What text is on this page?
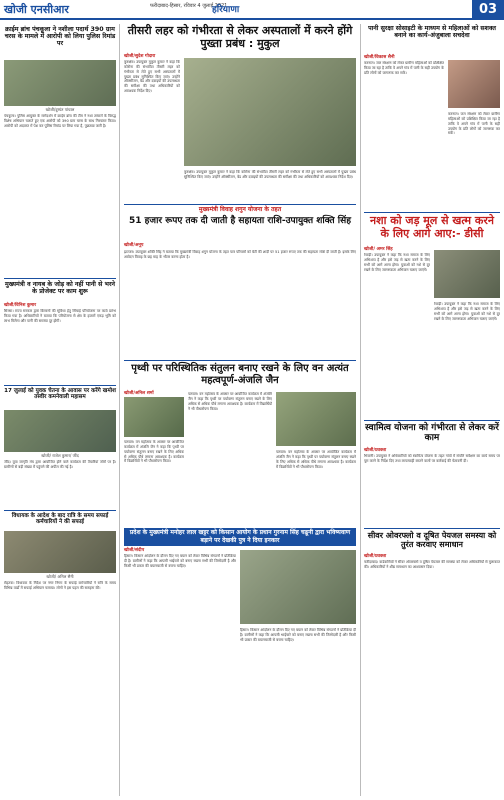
खोजी एनसीआर	फरीदाबाद-हिसार, रविवार 4 जुलाई 2021
हरियाणा	03
क्राईम ब्रांच पंचकूला ने नशीला पदार्थ 390 ग्राम चरस के मामले में आरोपी को लिया पुलिस रिमांड पर
खोजी/दुष्यंत पांचाल
पंचकूला। पुलिस आयुक्त के मार्गदर्शन में क्राईम ब्रांच की टीम ने नशा तस्करों के विरुद्ध विशेष अभियान चलाते हुए एक आरोपी को 390 ग्राम चरस के साथ गिरफ्तार किया। आरोपी को अदालत में पेश कर पुलिस रिमांड पर लिया गया है, पूछताछ जारी है।
मुख्यमंत्री व नायब के जोड़ को नहीं पानी से भरने के प्रोजेक्ट पर काम शुरू
खोजी/विनिश कुमार
सिरसा। राज्य सरकार द्वारा किसानों की सुविधा हेतु सिंचाई परियोजना पर कार्य प्रारंभ किया गया है। अधिकारियों ने बताया कि परियोजना से क्षेत्र के हजारों एकड़ भूमि को लाभ मिलेगा और पानी की समस्या दूर होगी।
17 जुलाई को युवक चेतना के आवास पर करेंगे खमोश तस्वीर कमनेवाली महासम
खोजी/ राजेश कुमार/ जींद
जींद। युवा जागृति मंच द्वारा आयोजित होने वाले कार्यक्रम की तैयारियां जोरों पर हैं। ग्रामीणों से बड़ी संख्या में पहुंचने की अपील की गई है।
विधायक के आदेश के बाद रात्रि के समय सफाई कर्मचारियों ने की सफाई
खोजी/ अनिल सैनी
रोहतक। विधायक के निर्देश पर नगर निगम के सफाई कर्मचारियों ने रात्रि के समय विभिन्न वार्डों में सफाई अभियान चलाया। लोगों ने इस पहल की सराहना की।
तीसरी लहर को गंभीरता से लेकर अस्पतालों में करने होंगे पुख्ता प्रबंध : मुकुल
खोजी/सुदेश गोदारा
कुरुक्षेत्र। उपायुक्त मुकुल कुमार ने कहा कि कोरोना की संभावित तीसरी लहर को गंभीरता से लेते हुए सभी अस्पतालों में पुख्ता प्रबंध सुनिश्चित किए जाएं। उन्होंने ऑक्सीजन, बेड और दवाइयों की उपलब्धता की समीक्षा की तथा अधिकारियों को आवश्यक निर्देश दिए।
कुरुक्षेत्र। उपायुक्त मुकुल कुमार ने कहा कि कोरोना की संभावित तीसरी लहर को गंभीरता से लेते हुए सभी अस्पतालों में पुख्ता प्रबंध सुनिश्चित किए जाएं। उन्होंने ऑक्सीजन, बेड और दवाइयों की उपलब्धता की समीक्षा की तथा अधिकारियों को आवश्यक निर्देश दिए।
मुख्यमंत्री विवाह शगुन योजना के तहत
51 हजार रूपए तक दी जाती है सहायता राशि-उपायुक्त शक्ति सिंह
खोजी/अनूप
झज्जर। उपायुक्त शक्ति सिंह ने बताया कि मुख्यमंत्री विवाह शगुन योजना के तहत पात्र परिवारों को बेटी की शादी पर 51 हजार रूपए तक की सहायता राशि दी जाती है। इसके लिए आवेदन विवाह के छह माह के भीतर करना होता है।
पृथ्वी पर परिस्थितिक संतुलन बनाए रखने के लिए वन अत्यंत महत्वपूर्ण-अंजलि जैन
खोजी/अनिल शर्मा
पलवल। वन महोत्सव के अवसर पर आयोजित कार्यक्रम में अंजलि जैन ने कहा कि पृथ्वी पर पर्यावरण संतुलन बनाए रखने के लिए अधिक से अधिक पौधे लगाना आवश्यक है। कार्यक्रम में विद्यार्थियों ने भी पौधारोपण किया।
पलवल। वन महोत्सव के अवसर पर आयोजित कार्यक्रम में अंजलि जैन ने कहा कि पृथ्वी पर पर्यावरण संतुलन बनाए रखने के लिए अधिक से अधिक पौधे लगाना आवश्यक है। कार्यक्रम में विद्यार्थियों ने भी पौधारोपण किया।
पलवल। वन महोत्सव के अवसर पर आयोजित कार्यक्रम में अंजलि जैन ने कहा कि पृथ्वी पर पर्यावरण संतुलन बनाए रखने के लिए अधिक से अधिक पौधे लगाना आवश्यक है। कार्यक्रम में विद्यार्थियों ने भी पौधारोपण किया।
प्रदेश के मुख्यमंत्री मनोहर लाल खट्टर को किसान आयोग के प्रधान गुरनाम सिंह चढूनी द्वारा भविष्यवाण बड़ाने पर देखकी पुत्र ने दिया इनकार
खोजी/संदीप
हिसार। किसान आंदोलन के दौरान दिए गए बयान को लेकर विभिन्न संगठनों ने प्रतिक्रिया दी है। ग्रामीणों ने कहा कि आपसी भाईचारे को बनाए रखना सभी की जिम्मेदारी है और किसी भी प्रकार की बयानबाजी से बचना चाहिए।
हिसार। किसान आंदोलन के दौरान दिए गए बयान को लेकर विभिन्न संगठनों ने प्रतिक्रिया दी है। ग्रामीणों ने कहा कि आपसी भाईचारे को बनाए रखना सभी की जिम्मेदारी है और किसी भी प्रकार की बयानबाजी से बचना चाहिए।
पानी सुरक्षा सोसाइटी के माध्यम से महिलाओं को सशक्त बनाने का कार्य-अंजुबाला सचदेवा
खोजी/विकास सैनी
करनाल। जल संरक्षण को लेकर ग्रामीण महिलाओं को प्रशिक्षित किया जा रहा है ताकि वे अपने गांव में पानी के सही उपयोग के प्रति लोगों को जागरूक कर सकें।
करनाल। जल संरक्षण को लेकर ग्रामीण महिलाओं को प्रशिक्षित किया जा रहा है ताकि वे अपने गांव में पानी के सही उपयोग के प्रति लोगों को जागरूक कर सकें।
नशा को जड़ मूल से खत्म करने के लिए आगे आए:- डीसी
खोजी/ अमर सिंह
रेवाड़ी। उपायुक्त ने कहा कि नशा समाज के लिए अभिशाप है और इसे जड़ से खत्म करने के लिए सभी को आगे आना होगा। युवाओं को नशे से दूर रखने के लिए जागरूकता अभियान चलाए जाएंगे।
रेवाड़ी। उपायुक्त ने कहा कि नशा समाज के लिए अभिशाप है और इसे जड़ से खत्म करने के लिए सभी को आगे आना होगा। युवाओं को नशे से दूर रखने के लिए जागरूकता अभियान चलाए जाएंगे।
स्वामित्व योजना को गंभीरता से लेकर करें काम
खोजी/प्रवक्ता
भिवानी। उपायुक्त ने अधिकारियों को स्वामित्व योजना के तहत गांवों में संपत्ति सर्वेक्षण का कार्य समय पर पूरा करने के निर्देश दिए तथा लापरवाही बरतने वालों पर कार्रवाई की चेतावनी दी।
सीवर ओवरफ्लो व दूषित पेयजल समस्या को तुरंत करवाए समाधान
खोजी/प्रवक्ता
फरीदाबाद। वार्डवासियों ने सीवर ओवरफ्लो व दूषित पेयजल की समस्या को लेकर अधिकारियों से मुलाकात की। अधिकारियों ने शीघ्र समाधान का आश्वासन दिया।
